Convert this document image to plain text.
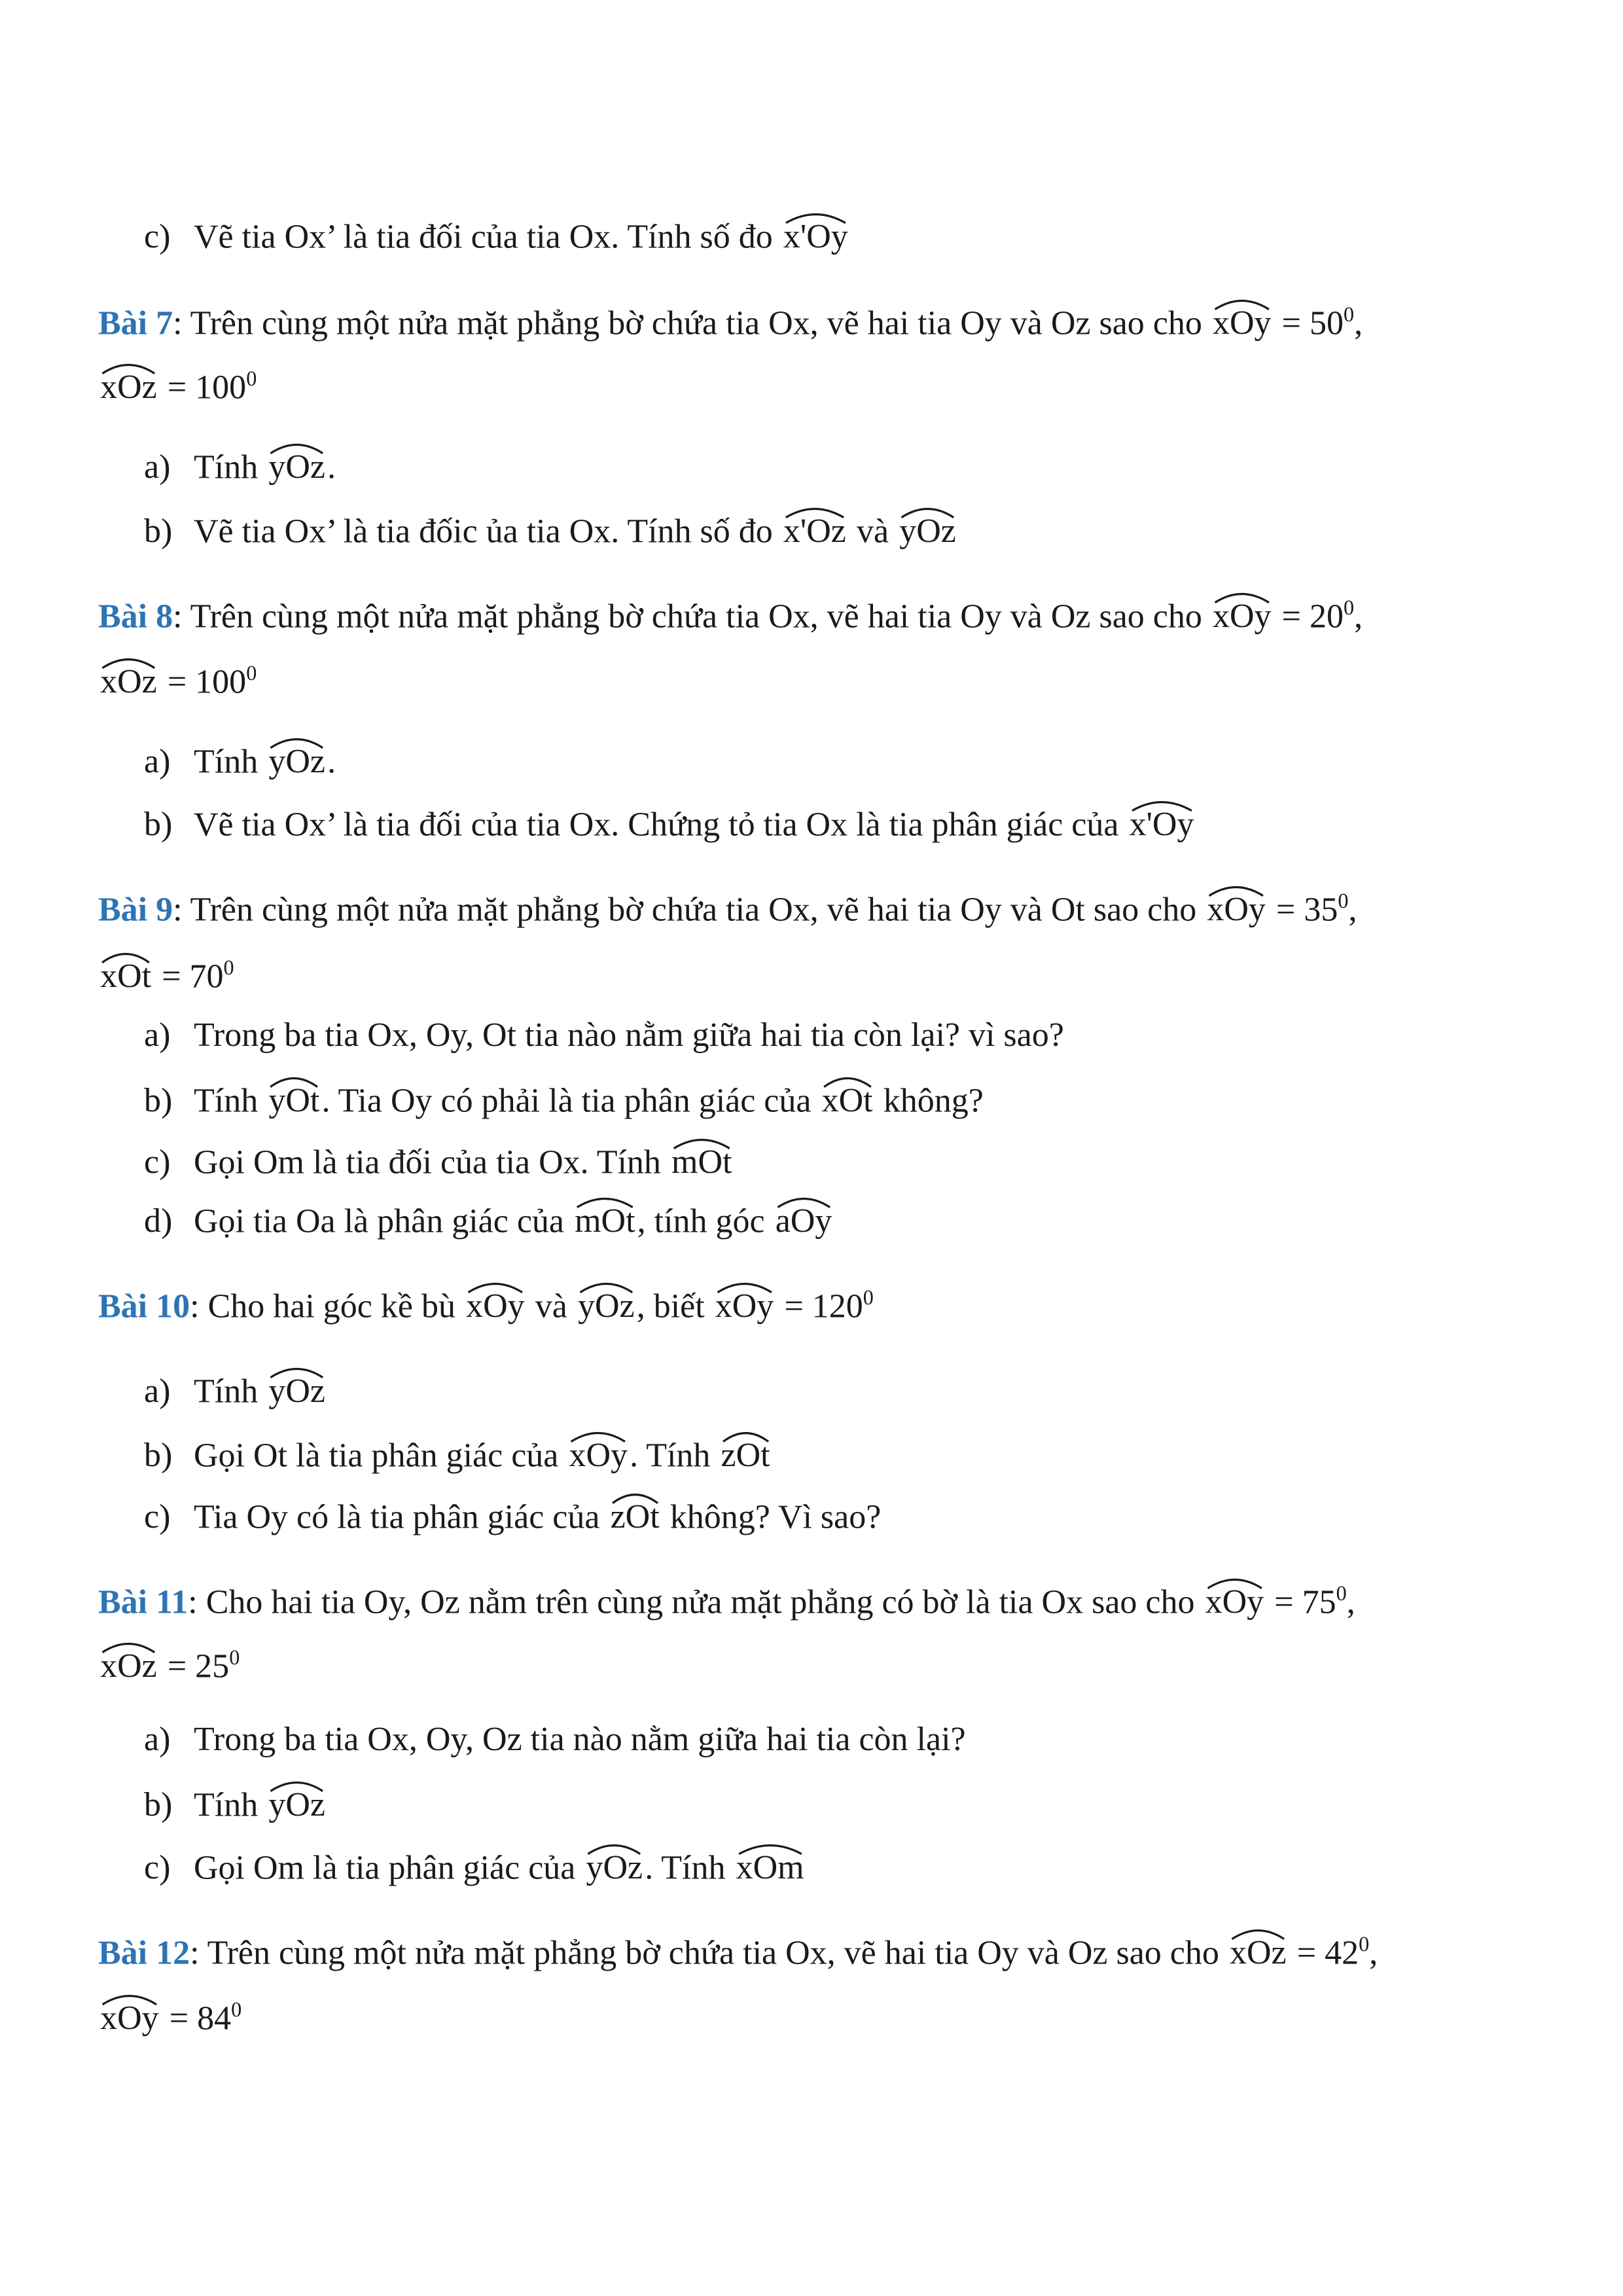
c) Vẽ tia Ox’ là tia đối của tia Ox. Tính số đo x'Oy
Bài 7: Trên cùng một nửa mặt phẳng bờ chứa tia Ox, vẽ hai tia Oy và Oz sao cho xOy
= $50^0$,
xOz
= $100^0$
a) Tính yOz
.
b) Vẽ tia Ox’ là tia đốic ủa tia Ox. Tính số đo x'Oz
và yOz
Bài 8: Trên cùng một nửa mặt phẳng bờ chứa tia Ox, vẽ hai tia Oy và Oz sao cho xOy
= $20^0$,
xOz
= $100^0$
a) Tính yOz
.
b) Vẽ tia Ox’ là tia đối của tia Ox. Chứng tỏ tia Ox là tia phân giác của x'Oy
Bài 9: Trên cùng một nửa mặt phẳng bờ chứa tia Ox, vẽ hai tia Oy và Ot sao cho xOy
= $35^0$,
xOt
= $70^0$
a) Trong ba tia Ox, Oy, Ot tia nào nằm giữa hai tia còn lại? vì sao?
b) Tính yOt
. Tia Oy có phải là tia phân giác của xOt
không?
c) Gọi Om là tia đối của tia Ox. Tính mOt
d) Gọi tia Oa là phân giác của mOt
, tính góc aOy
Bài 10: Cho hai góc kề bù xOy
và yOz
, biết xOy
= $120^0$
a) Tính yOz
b) Gọi Ot là tia phân giác của xOy
. Tính zOt
c) Tia Oy có là tia phân giác của zOt
không? Vì sao?
Bài 11: Cho hai tia Oy, Oz nằm trên cùng nửa mặt phẳng có bờ là tia Ox sao cho xOy
= $75^0$,
xOz
= $25^0$
a) Trong ba tia Ox, Oy, Oz tia nào nằm giữa hai tia còn lại?
b) Tính yOz
c) Gọi Om là tia phân giác của yOz
. Tính xOm
Bài 12: Trên cùng một nửa mặt phẳng bờ chứa tia Ox, vẽ hai tia Oy và Oz sao cho xOz
= $42^0$,
xOy
= $84^0$
